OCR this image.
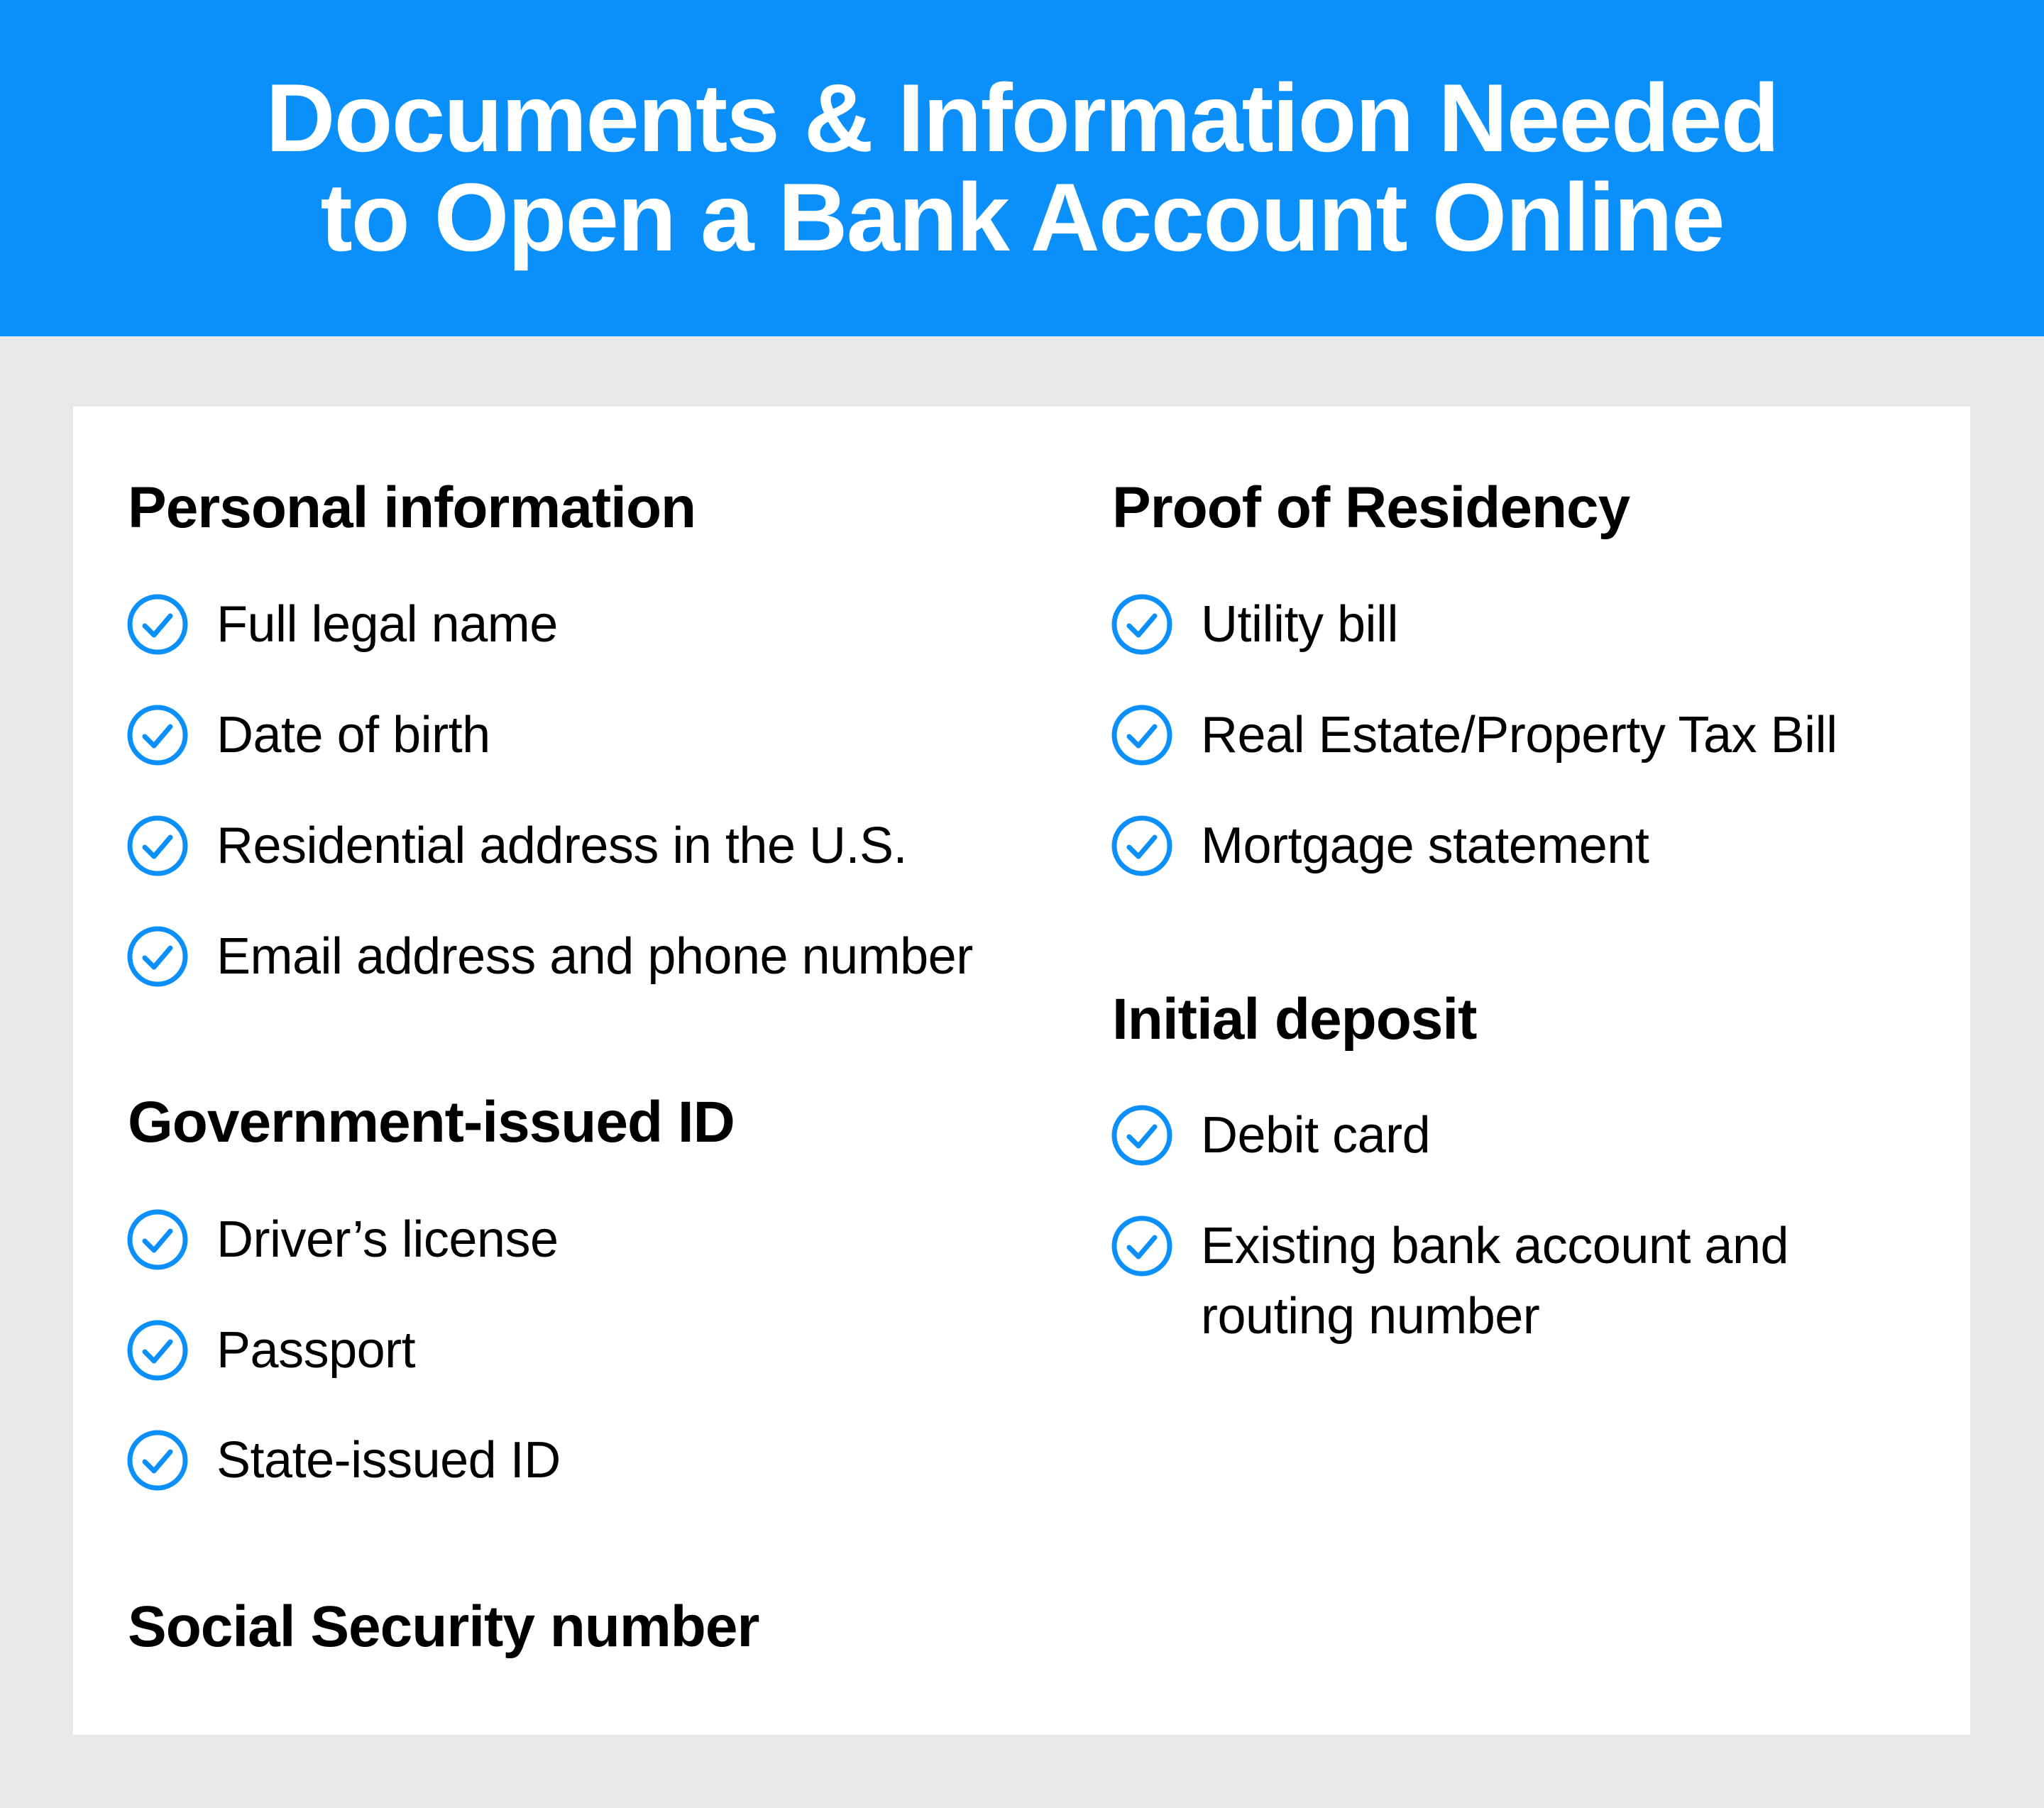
Documents & Information Needed
to Open a Bank Account Online
Personal information
Full legal name
Date of birth
Residential address in the U.S.
Email address and phone number
Government-issued ID
Driver’s license
Passport
State-issued ID
Social Security number
Proof of Residency
Utility bill
Real Estate/Property Tax Bill
Mortgage statement
Initial deposit
Debit card
Existing bank account and
routing number
